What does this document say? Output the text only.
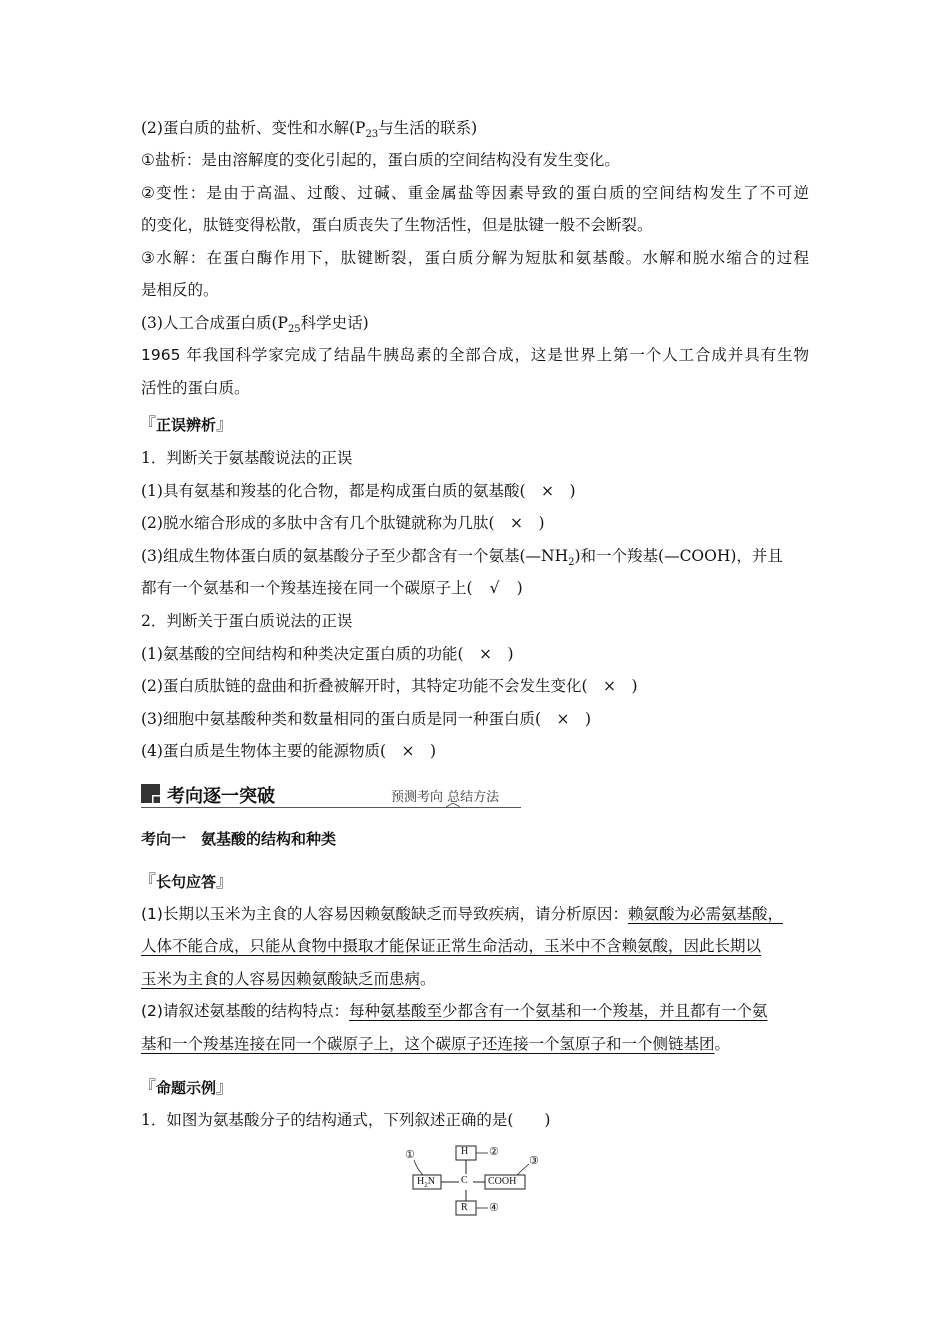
(2)蛋白质的盐析、变性和水解($P_{23}$与生活的联系)
①盐析：是由溶解度的变化引起的，蛋白质的空间结构没有发生变化。
②变性：是由于高温、过酸、过碱、重金属盐等因素导致的蛋白质的空间结构发生了不可逆
的变化，肽链变得松散，蛋白质丧失了生物活性，但是肽键一般不会断裂。
③水解：在蛋白酶作用下，肽键断裂，蛋白质分解为短肽和氨基酸。水解和脱水缩合的过程
是相反的。
(3)人工合成蛋白质($P_{25}$科学史话)
1965 年我国科学家完成了结晶牛胰岛素的全部合成，这是世界上第一个人工合成并具有生物
活性的蛋白质。
『正误辨析』
1．判断关于氨基酸说法的正误
(1)具有氨基和羧基的化合物，都是构成蛋白质的氨基酸( × )
(2)脱水缩合形成的多肽中含有几个肽键就称为几肽( × )
(3)组成生物体蛋白质的氨基酸分子至少都含有一个氨基$(—NH_2)$和一个羧基(—COOH)，并且
都有一个氨基和一个羧基连接在同一个碳原子上( √ )
2．判断关于蛋白质说法的正误
(1)氨基酸的空间结构和种类决定蛋白质的功能( × )
(2)蛋白质肽链的盘曲和折叠被解开时，其特定功能不会发生变化( × )
(3)细胞中氨基酸种类和数量相同的蛋白质是同一种蛋白质( × )
(4)蛋白质是生物体主要的能源物质( × )
考向逐一突破	预测考向 总结方法
考向一　氨基酸的结构和种类
『长句应答』
(1)长期以玉米为主食的人容易因赖氨酸缺乏而导致疾病，请分析原因：赖氨酸为必需氨基酸，
人体不能合成，只能从食物中摄取才能保证正常生命活动，玉米中不含赖氨酸，因此长期以
玉米为主食的人容易因赖氨酸缺乏而患病。
(2)请叙述氨基酸的结构特点：每种氨基酸至少都含有一个氨基和一个羧基，并且都有一个氨
基和一个羧基连接在同一个碳原子上，这个碳原子还连接一个氢原子和一个侧链基团。
『命题示例』
1．如图为氨基酸分子的结构通式，下列叙述正确的是(　　)
H
$H_2N$	C COOH
R
①	②
③
④
